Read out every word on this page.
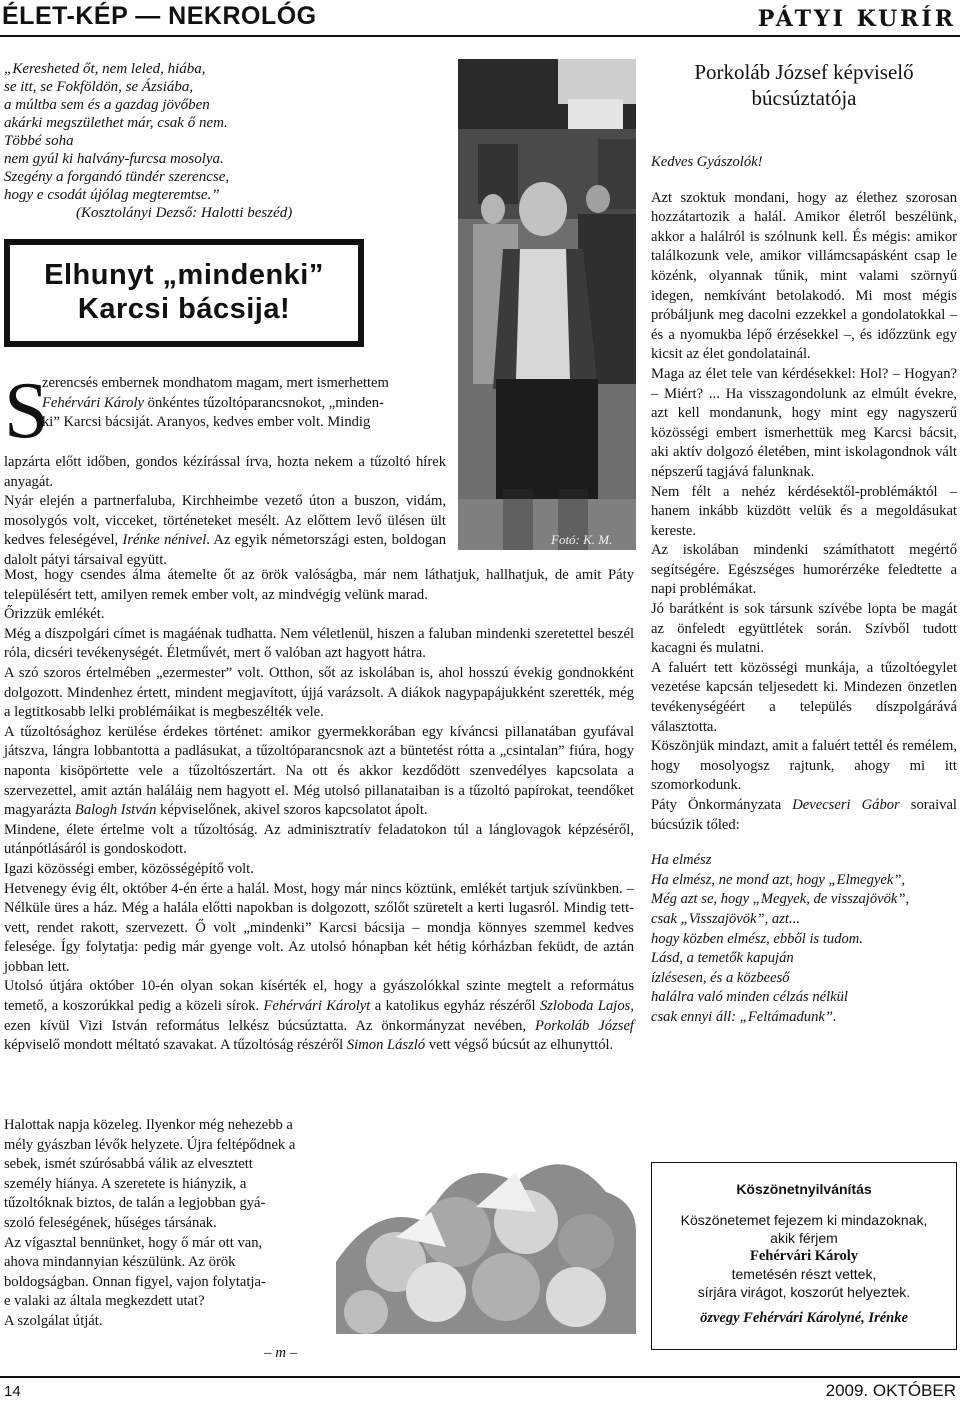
ÉLET-KÉP — NEKROLÓG	PÁTYI KURÍR
„Keresheted őt, nem leled, hiába,
se itt, se Fokföldön, se Ázsiába,
a múltba sem és a gazdag jövőben
akárki megszülethet már, csak ő nem.
Többé soha
nem gyúl ki halvány-furcsa mosolya.
Szegény a forgandó tündér szerencse,
hogy e csodát újólag megteremtse.”
(Kosztolányi Dezső: Halotti beszéd)
Elhunyt „mindenki”
Karcsi bácsija!
Fotó: K. M.
S

zerencsés embernek mondhatom magam, mert ismerhettem
Fehérvári Károly önkéntes tűzoltóparancsnokot, „minden-
ki” Karcsi bácsiját. Aranyos, kedves ember volt. Mindig

lapzárta előtt időben, gondos kézírással írva, hozta nekem a tűzoltó hírek anyagát.

Nyár elején a partnerfaluba, Kirchheimbe vezető úton a buszon, vidám, mosolygós volt, vicceket, történeteket mesélt. Az előttem levő ülésen ült kedves feleségével, Irénke nénivel. Az egyik németországi esten, boldogan dalolt pátyi társaival együtt.

Most, hogy csendes álma átemelte őt az örök valóságba, már nem láthatjuk, hallhatjuk, de amit Páty településért tett, amilyen remek ember volt, az mindvégig velünk marad.

Őrizzük emlékét.

Még a díszpolgári címet is magáénak tudhatta. Nem véletlenül, hiszen a faluban mindenki szeretettel beszél róla, dicséri tevékenységét. Életművét, mert ő valóban azt hagyott hátra.

A szó szoros értelmében „ezermester” volt. Otthon, sőt az iskolában is, ahol hosszú évekig gondnokként dolgozott. Mindenhez értett, mindent megjavított, újjá varázsolt. A diákok nagypapájukként szerették, még a legtitkosabb lelki problémáikat is megbeszélték vele.

A tűzoltósághoz kerülése érdekes történet: amikor gyermekkorában egy kíváncsi pillanatában gyufával játszva, lángra lobbantotta a padlásukat, a tűzoltóparancsnok azt a büntetést rótta a „csintalan” fiúra, hogy naponta kisöpörtette vele a tűzoltószertárt. Na ott és akkor kezdődött szenvedélyes kapcsolata a szervezettel, amit aztán haláláig nem hagyott el. Még utolsó pillanataiban is a tűzoltó papírokat, teendőket magyarázta Balogh István képviselőnek, akivel szoros kapcsolatot ápolt.

Mindene, élete értelme volt a tűzoltóság. Az adminisztratív feladatokon túl a lánglovagok képzéséről, utánpótlásáról is gondoskodott.

Igazi közösségi ember, közösségépítő volt.

Hetvenegy évig élt, október 4-én érte a halál. Most, hogy már nincs köztünk, emlékét tartjuk szívünkben. – Nélküle üres a ház. Még a halála előtti napokban is dolgozott, szőlőt szüretelt a kerti lugasról. Mindig tett-vett, rendet rakott, szervezett. Ő volt „mindenki” Karcsi bácsija – mondja könnyes szemmel kedves felesége. Így folytatja: pedig már gyenge volt. Az utolsó hónapban két hétig kórházban feküdt, de aztán jobban lett.

Utolsó útjára október 10-én olyan sokan kísérték el, hogy a gyászolókkal szinte megtelt a református temető, a koszorúkkal pedig a közeli sírok. Fehérvári Károlyt a katolikus egyház részéről Szloboda Lajos, ezen kívül Vizi István református lelkész búcsúztatta. Az önkormányzat nevében, Porkoláb József képviselő mondott méltató szavakat. A tűzoltóság részéről Simon László vett végső búcsút az elhunyttól.

Halottak napja közeleg. Ilyenkor még nehezebb a
mély gyászban lévők helyzete. Újra feltépődnek a
sebek, ismét szúrósabbá válik az elvesztett
személy hiánya. A szeretete is hiányzik, a
tűzoltóknak biztos, de talán a legjobban gyá-
szoló feleségének, hűséges társának.
Az vígasztal bennünket, hogy ő már ott van,
ahova mindannyian készülünk. Az örök
boldogságban. Onnan figyel, vajon folytatja-
e valaki az általa megkezdett utat?
A szolgálat útját.
– m –
Porkoláb József képviselő
búcsúztatója

Kedves Gyászolók!

Azt szoktuk mondani, hogy az élethez szorosan hozzátartozik a halál. Amikor életről beszélünk, akkor a halálról is szólnunk kell. És mégis: amikor találkozunk vele, amikor villámcsapásként csap le közénk, olyannak tűnik, mint valami szörnyű idegen, nemkívánt betolakodó. Mi most mégis próbáljunk meg dacolni ezzekkel a gondolatokkal – és a nyomukba lépő érzésekkel –, és időzzünk egy kicsit az élet gondolatainál.

Maga az élet tele van kérdésekkel: Hol? – Hogyan? – Miért? ... Ha visszagondolunk az elmúlt évekre, azt kell mondanunk, hogy mint egy nagyszerű közösségi embert ismerhettük meg Karcsi bácsit, aki aktív dolgozó életében, mint iskolagondnok vált népszerű tagjává falunknak.

Nem félt a nehéz kérdésektől-problémáktól – hanem inkább küzdött velük és a megoldásukat kereste.

Az iskolában mindenki számíthatott megértő segítségére. Egészséges humorérzéke feledtette a napi problémákat.

Jó barátként is sok társunk szívébe lopta be magát az önfeledt együttlétek során. Szívből tudott kacagni és mulatni.

A faluért tett közösségi munkája, a tűzoltóegylet vezetése kapcsán teljesedett ki. Mindezen önzetlen tevékenységéért a település díszpolgárává választotta.

Köszönjük mindazt, amit a faluért tettél és remélem, hogy mosolyogsz rajtunk, ahogy mi itt szomorkodunk.

Páty Önkormányzata Devecseri Gábor soraival búcsúzik tőled:

Ha elmész
Ha elmész, ne mond azt, hogy „Elmegyek”,
Még azt se, hogy „Megyek, de visszajövök”,
csak „Visszajövök”, azt...
hogy közben elmész, ebből is tudom.
Lásd, a temetők kapuján
ízlésesen, és a közbeeső
halálra való minden célzás nélkül
csak ennyi áll: „Feltámadunk”.
Köszönetnyilvánítás
Köszönetemet fejezem ki mindazoknak,
akik férjem
Fehérvári Károly
temetésén részt vettek,
sírjára virágot, koszorút helyeztek.
özvegy Fehérvári Károlyné, Irénke
14	2009. OKTÓBER
